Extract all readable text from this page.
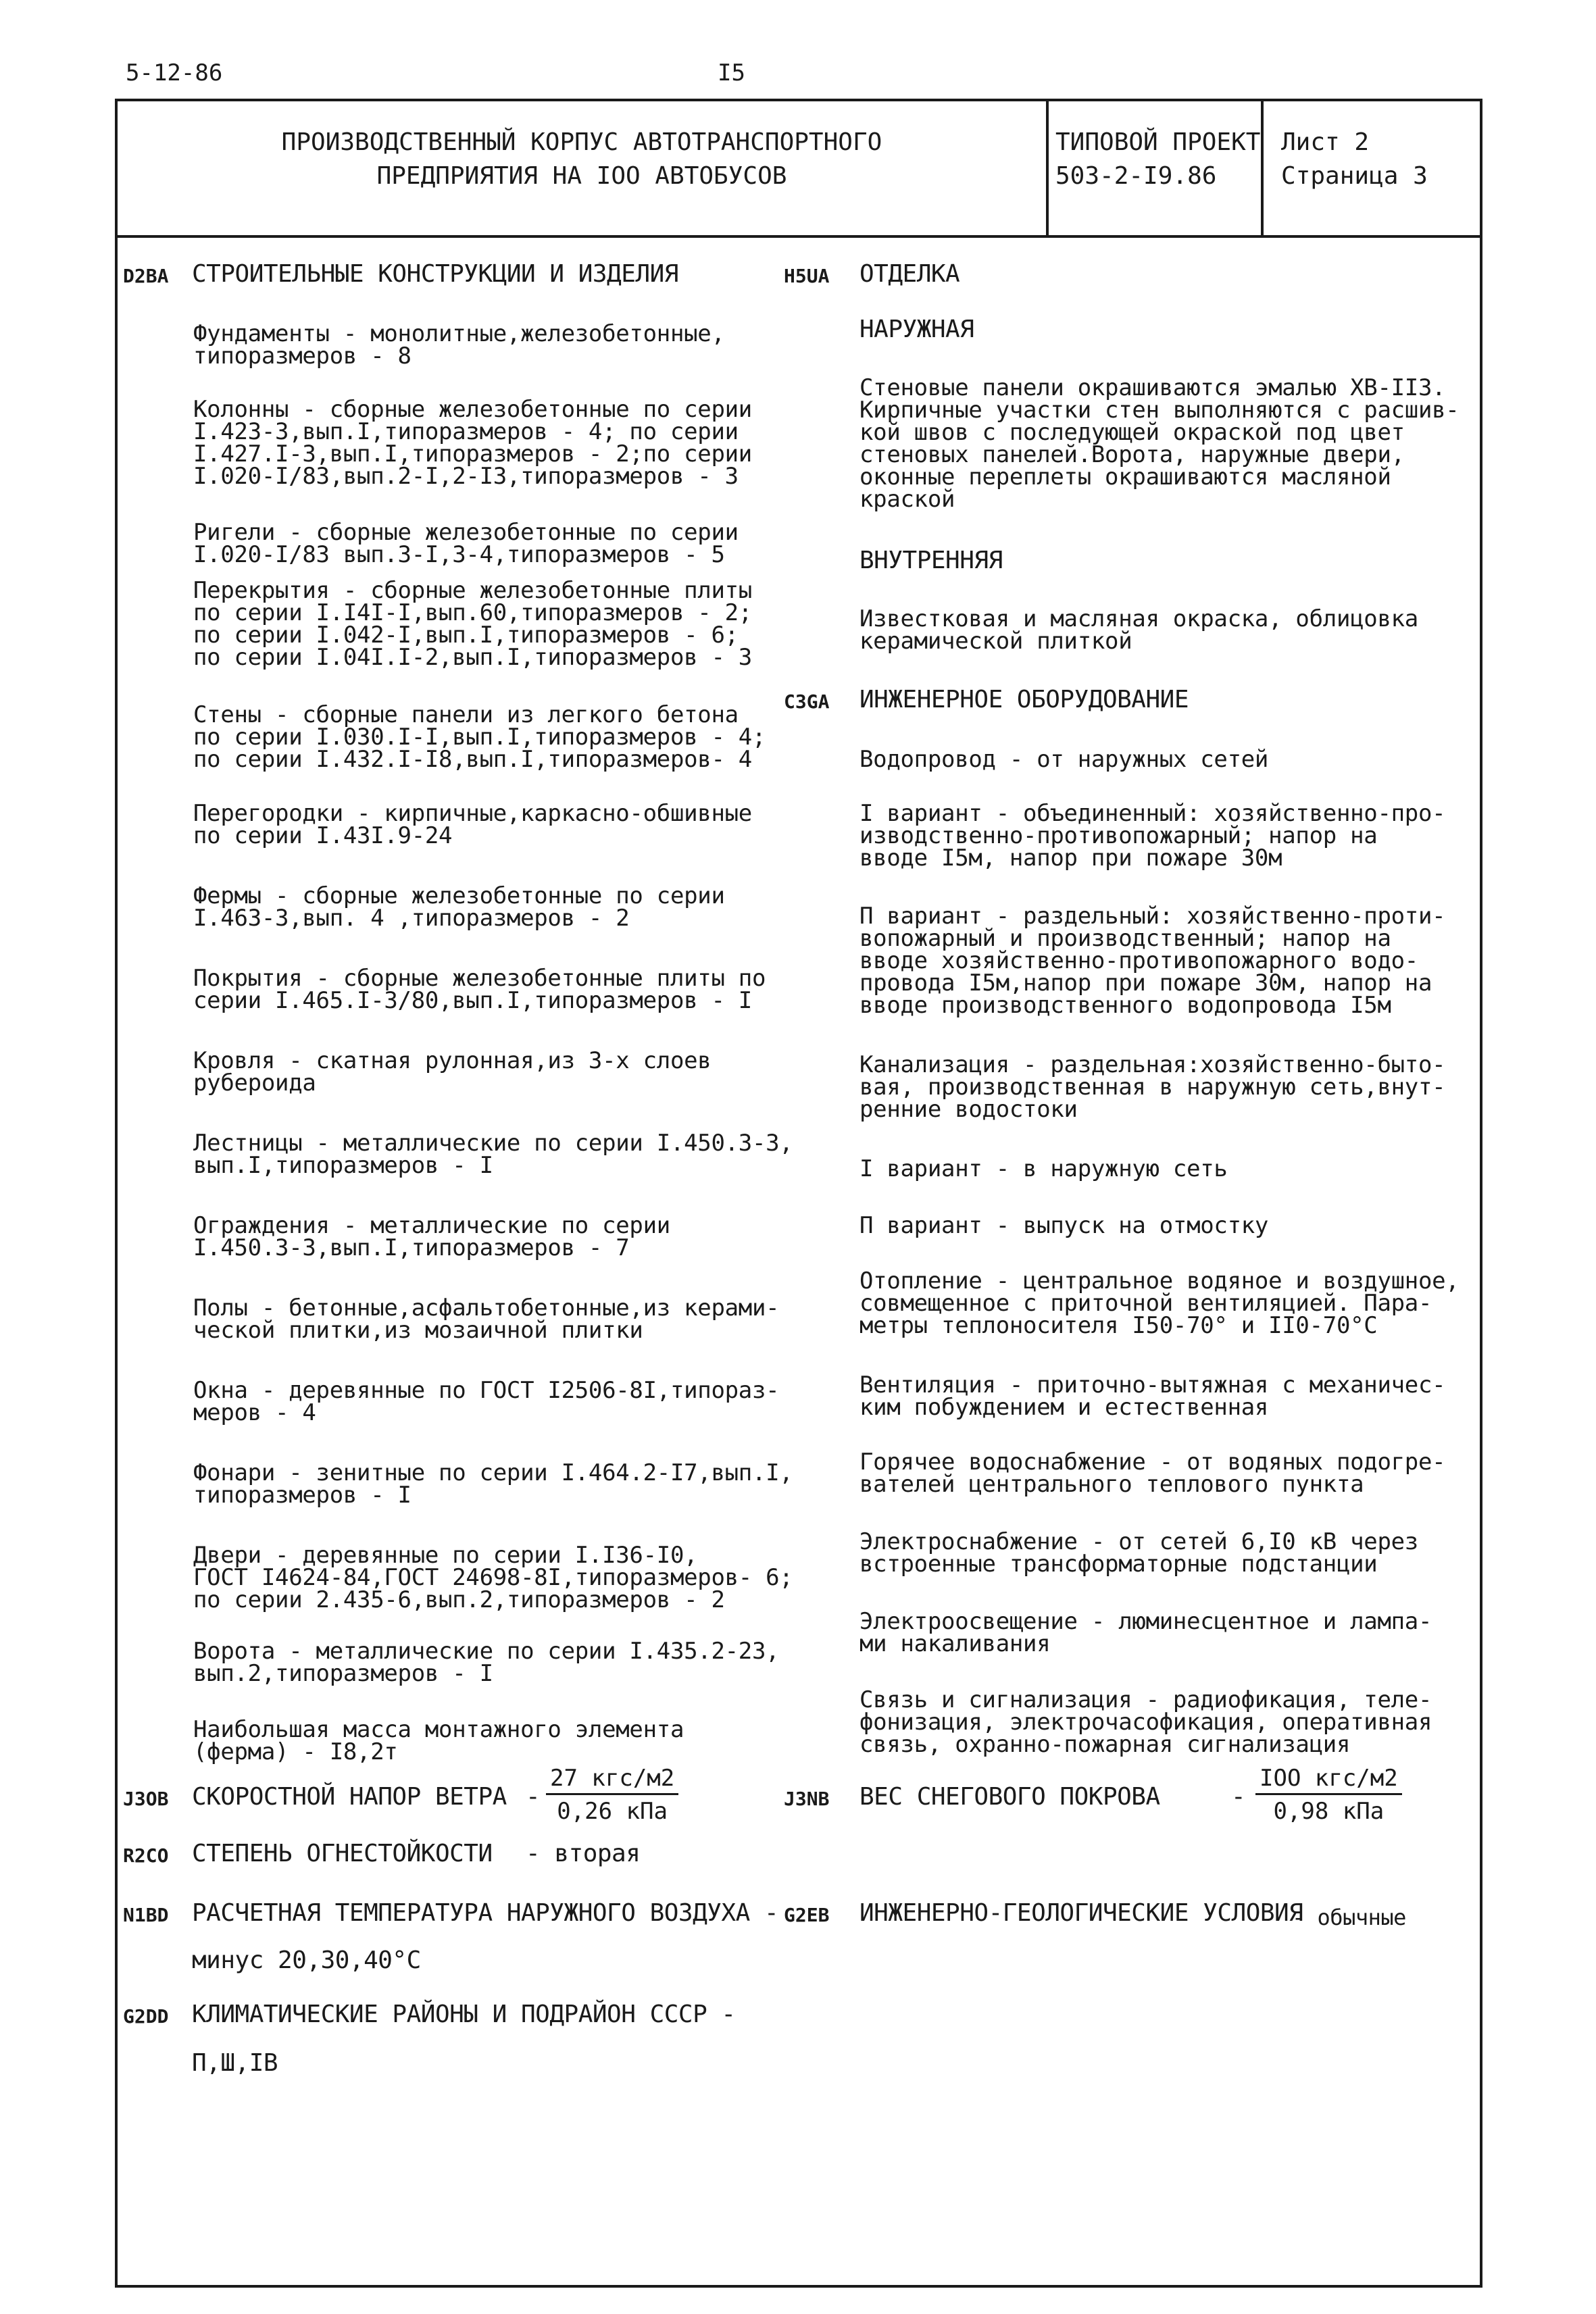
5-12-86	I5
ПРОИЗВОДСТВЕННЫЙ КОРПУС АВТОТРАНСПОРТНОГО
ПРЕДПРИЯТИЯ НА IOO АВТОБУСОВ
ТИПОВОЙ ПРОЕКТ
503-2-I9.86
Лист 2
Страница 3
D2BA СТРОИТЕЛЬНЫЕ КОНСТРУКЦИИ И ИЗДЕЛИЯ
Фундаменты - монолитные,железобетонные,
типоразмеров - 8
Колонны - сборные железобетонные по серии
I.423-3,вып.I,типоразмеров - 4; по серии
I.427.I-3,вып.I,типоразмеров - 2;по серии
I.020-I/83,вып.2-I,2-I3,типоразмеров - 3
Ригели - сборные железобетонные по серии
I.020-I/83 вып.3-I,3-4,типоразмеров - 5
Перекрытия - сборные железобетонные плиты
по серии I.I4I-I,вып.60,типоразмеров - 2;
по серии I.042-I,вып.I,типоразмеров - 6;
по серии I.04I.I-2,вып.I,типоразмеров - 3
Стены - сборные панели из легкого бетона
по серии I.030.I-I,вып.I,типоразмеров - 4;
по серии I.432.I-I8,вып.I,типоразмеров- 4
Перегородки - кирпичные,каркасно-обшивные
по серии I.43I.9-24
Фермы - сборные железобетонные по серии
I.463-3,вып. 4 ,типоразмеров - 2
Покрытия - сборные железобетонные плиты по
серии I.465.I-3/80,вып.I,типоразмеров - I
Кровля - скатная рулонная,из 3-х слоев
рубероида
Лестницы - металлические по серии I.450.3-3,
вып.I,типоразмеров - I
Ограждения - металлические по серии
I.450.3-3,вып.I,типоразмеров - 7
Полы - бетонные,асфальтобетонные,из керами-
ческой плитки,из мозаичной плитки
Окна - деревянные по ГОСТ I2506-8I,типораз-
меров - 4
Фонари - зенитные по серии I.464.2-I7,вып.I,
типоразмеров - I
Двери - деревянные по серии I.I36-I0,
ГОСТ I4624-84,ГОСТ 24698-8I,типоразмеров- 6;
по серии 2.435-6,вып.2,типоразмеров - 2
Ворота - металлические по серии I.435.2-23,
вып.2,типоразмеров - I
Наибольшая масса монтажного элемента
(ферма) - I8,2т
H5UA ОТДЕЛКА
НАРУЖНАЯ
Стеновые панели окрашиваются эмалью ХВ-II3.
Кирпичные участки стен выполняются с расшив-
кой швов с последующей окраской под цвет
стеновых панелей.Ворота, наружные двери,
оконные переплеты окрашиваются масляной
краской
ВНУТРЕННЯЯ
Известковая и масляная окраска, облицовка
керамической плиткой
C3GA ИНЖЕНЕРНОЕ ОБОРУДОВАНИЕ
Водопровод - от наружных сетей
I вариант - объединенный: хозяйственно-про-
изводственно-противопожарный; напор на
вводе I5м, напор при пожаре 30м
П вариант - раздельный: хозяйственно-проти-
вопожарный и производственный; напор на
вводе хозяйственно-противопожарного водо-
провода I5м,напор при пожаре 30м, напор на
вводе производственного водопровода I5м
Канализация - раздельная:хозяйственно-быто-
вая, производственная в наружную сеть,внут-
ренние водостоки
I вариант - в наружную сеть
П вариант - выпуск на отмостку
Отопление - центральное водяное и воздушное,
совмещенное с приточной вентиляцией. Пара-
метры теплоносителя I50-70° и II0-70°С
Вентиляция - приточно-вытяжная с механичес-
ким побуждением и естественная
Горячее водоснабжение - от водяных подогре-
вателей центрального теплового пункта
Электроснабжение - от сетей 6,I0 кВ через
встроенные трансформаторные подстанции
Электроосвещение - люминесцентное и лампа-
ми накаливания
Связь и сигнализация - радиофикация, теле-
фонизация, электрочасофикация, оперативная
связь, охранно-пожарная сигнализация
J3OB СКОРОСТНОЙ НАПОР ВЕТРА -
27 кгс/м2
0,26 кПа	J3NB ВЕС СНЕГОВОГО ПОКРОВА	-
IOO кгс/м2
0,98 кПа
R2CO СТЕПЕНЬ ОГНЕСТОЙКОСТИ - вторая
N1BD РАСЧЕТНАЯ ТЕМПЕРАТУРА НАРУЖНОГО ВОЗДУХА -
минус 20,30,40°С
G2EB ИНЖЕНЕРНО-ГЕОЛОГИЧЕСКИЕ УСЛОВИЯ
- обычные
G2DD КЛИМАТИЧЕСКИЕ РАЙОНЫ И ПОДРАЙОН СССР -
П,Ш,IВ
